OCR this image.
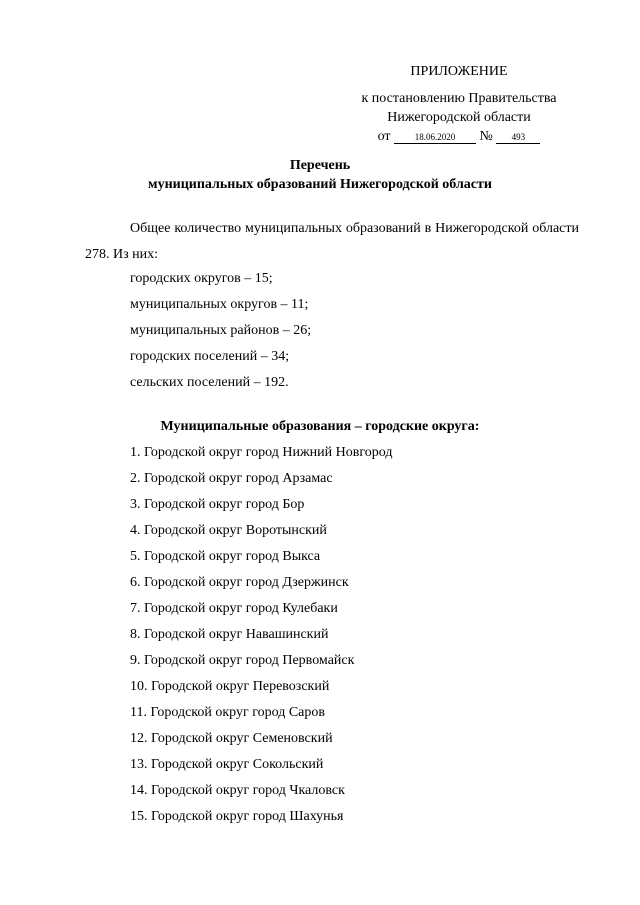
ПРИЛОЖЕНИЕ
к постановлению Правительства
Нижегородской области
от	18.06.2020 № 493
Перечень
муниципальных образований Нижегородской области

Общее количество муниципальных образований в Нижегородской области 278. Из них:

городских округов – 15;
муниципальных округов – 11;
муниципальных районов – 26;
городских поселений – 34;
сельских поселений – 192.
Муниципальные образования – городские округа:
1. Городской округ город Нижний Новгород
2. Городской округ город Арзамас
3. Городской округ город Бор
4. Городской округ Воротынский
5. Городской округ город Выкса
6. Городской округ город Дзержинск
7. Городской округ город Кулебаки
8. Городской округ Навашинский
9. Городской округ город Первомайск
10. Городской округ Перевозский
11. Городской округ город Саров
12. Городской округ Семеновский
13. Городской округ Сокольский
14. Городской округ город Чкаловск
15. Городской округ город Шахунья
